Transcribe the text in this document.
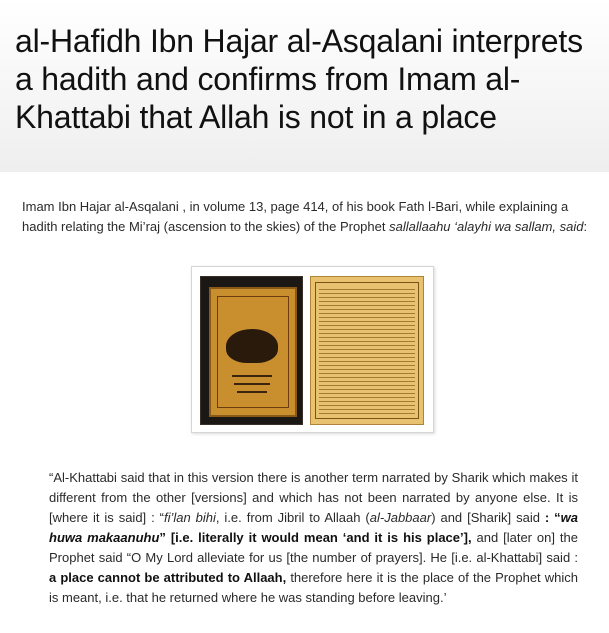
al-Hafidh Ibn Hajar al-Asqalani interprets a hadith and confirms from Imam al-Khattabi that Allah is not in a place
Imam Ibn Hajar al-Asqalani , in volume 13, page 414, of his book Fath l-Bari, while explaining a hadith relating the Mi’raj (ascension to the skies) of the Prophet sallallaahu ‘alayhi wa sallam, said:
“Al-Khattabi said that in this version there is another term narrated by Sharik which makes it different from the other [versions] and which has not been narrated by anyone else. It is [where it is said] : “fi’lan bihi, i.e. from Jibril to Allaah (al-Jabbaar) and [Sharik] said : “wa huwa makaanuhu” [i.e. literally it would mean ‘and it is his place’], and [later on] the Prophet said “O My Lord alleviate for us [the number of prayers]. He [i.e. al-Khattabi] said : a place cannot be attributed to Allaah, therefore here it is the place of the Prophet which is meant, i.e. that he returned where he was standing before leaving.’
